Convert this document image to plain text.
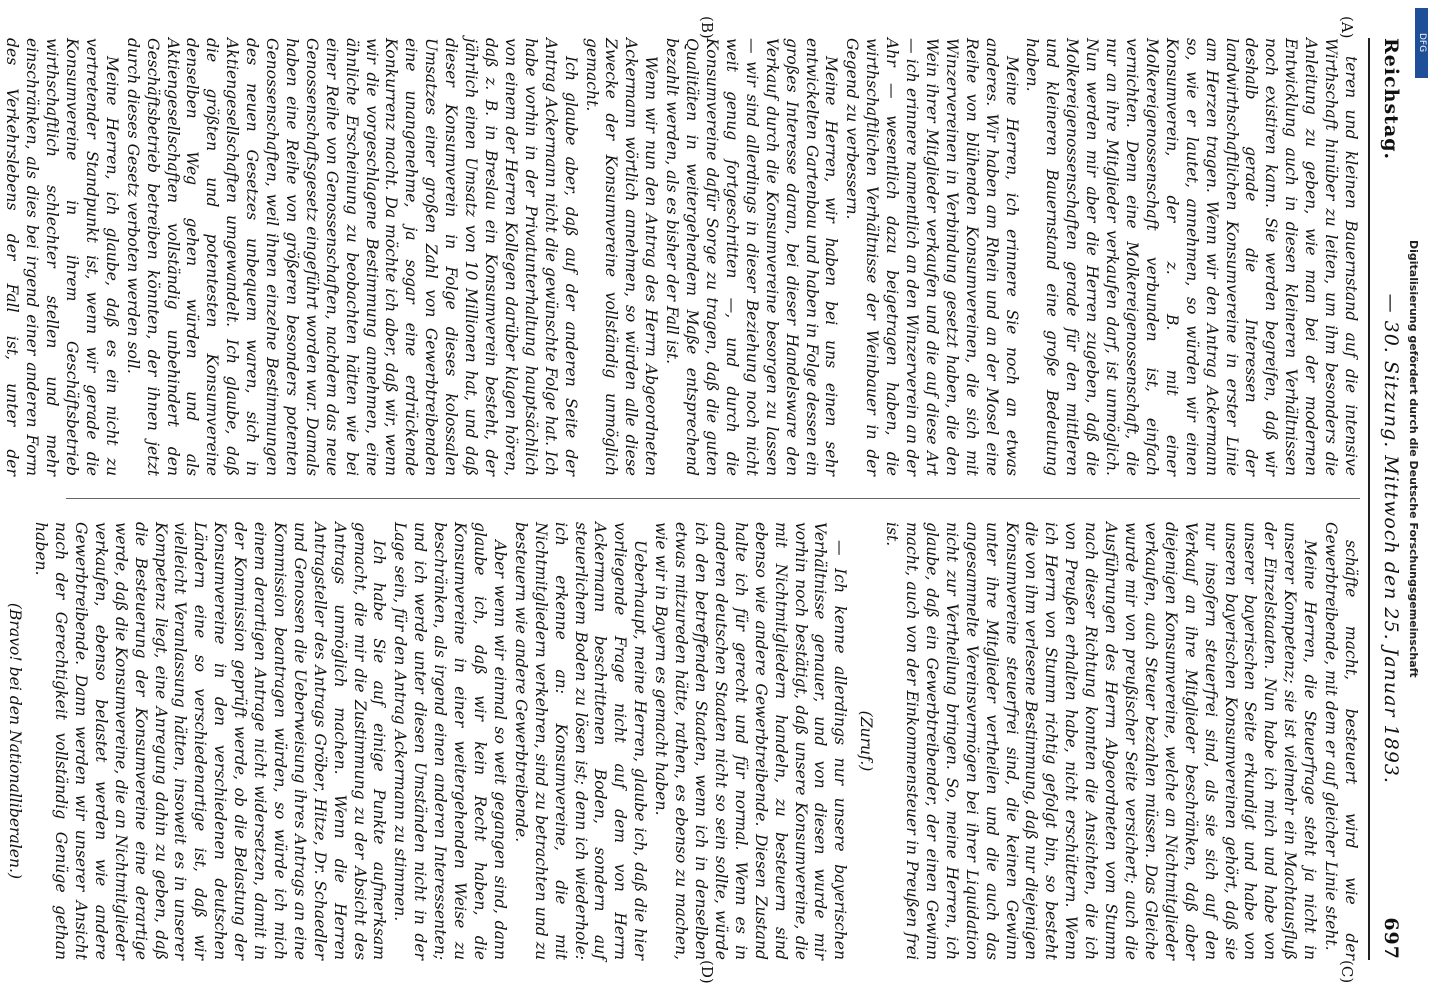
Reichstag.
— 30. Sitzung. Mittwoch den 25. Januar 1893.
697
(A)
(B)
(C)
(D)

teren und kleinen Bauernstand auf die intensive Wirthschaft hinüber zu leiten, um ihm besonders die Anleitung zu geben, wie man bei der modernen Entwicklung auch in diesen kleineren Verhältnissen noch existiren kann. Sie werden begreifen, daß wir deshalb gerade die Interessen der landwirthschaftlichen Konsumvereine in erster Linie am Herzen tragen. Wenn wir den Antrag Ackermann so, wie er lautet, annehmen, so würden wir einen Konsumverein, der z. B. mit einer Molkereigenossenschaft verbunden ist, einfach vernichten. Denn eine Molkereigenossenschaft, die nur an ihre Mitglieder verkaufen darf, ist unmöglich. Nun werden mir aber die Herren zugeben, daß die Molkereigenossenschaften gerade für den mittleren und kleineren Bauernstand eine große Bedeutung haben.

Meine Herren, ich erinnere Sie noch an etwas anderes. Wir haben am Rhein und an der Mosel eine Reihe von blühenden Konsumvereinen, die sich mit Winzervereinen in Verbindung gesetzt haben, die den Wein ihrer Mitglieder verkaufen und die auf diese Art — ich erinnere namentlich an den Winzerverein an der Ahr — wesentlich dazu beigetragen haben, die wirthschaftlichen Verhältnisse der Weinbauer in der Gegend zu verbessern.

Meine Herren, wir haben bei uns einen sehr entwickelten Gartenbau und haben in Folge dessen ein großes Interesse daran, bei dieser Handelsware den Verkauf durch die Konsumvereine besorgen zu lassen — wir sind allerdings in dieser Beziehung noch nicht weit genug fortgeschritten —, und durch die Konsumvereine dafür Sorge zu tragen, daß die guten Qualitäten in weitergehendem Maße entsprechend bezahlt werden, als es bisher der Fall ist.

Wenn wir nun den Antrag des Herrn Abgeordneten Ackermann wörtlich annehmen, so würden alle diese Zwecke der Konsumvereine vollständig unmöglich gemacht.

Ich glaube aber, daß auf der anderen Seite der Antrag Ackermann nicht die gewünschte Folge hat. Ich habe vorhin in der Privatunterhaltung hauptsächlich von einem der Herren Kollegen darüber klagen hören, daß z. B. in Breslau ein Konsumverein besteht, der jährlich einen Umsatz von 10 Millionen hat, und daß dieser Konsumverein in Folge dieses kolossalen Umsatzes einer großen Zahl von Gewerbtreibenden eine unangenehme, ja sogar eine erdrückende Konkurrenz macht. Da möchte ich aber, daß wir, wenn wir die vorgeschlagene Bestimmung annehmen, eine ähnliche Erscheinung zu beobachten hätten wie bei einer Reihe von Genossenschaften, nachdem das neue Genossenschaftsgesetz eingeführt worden war. Damals haben eine Reihe von größeren besonders potenten Genossenschaften, weil ihnen einzelne Bestimmungen des neuen Gesetzes unbequem waren, sich in Aktiengesellschaften umgewandelt. Ich glaube, daß die größten und potentesten Konsumvereine denselben Weg gehen würden und als Aktiengesellschaften vollständig unbehindert den Geschäftsbetrieb betreiben könnten, der ihnen jetzt durch dieses Gesetz verboten werden soll.

Meine Herren, ich glaube, daß es ein nicht zu vertretender Standpunkt ist, wenn wir gerade die Konsumvereine in ihrem Geschäftsbetrieb wirthschaftlich schlechter stellen und mehr einschränken, als dies bei irgend einer anderen Form des Verkehrslebens der Fall ist, unter der

schäfte macht, besteuert wird wie der Gewerbtreibende, mit dem er auf gleicher Linie steht.

Meine Herren, die Steuerfrage steht ja nicht in unserer Kompetenz; sie ist vielmehr ein Machtausfluß der Einzelstaaten. Nun habe ich mich und habe von unserer bayerischen Seite erkundigt und habe von unseren bayerischen Konsumvereinen gehört, daß sie nur insofern steuerfrei sind, als sie sich auf den Verkauf an ihre Mitglieder beschränken, daß aber diejenigen Konsumvereine, welche an Nichtmitglieder verkaufen, auch Steuer bezahlen müssen. Das Gleiche wurde mir von preußischer Seite versichert; auch die Ausführungen des Herrn Abgeordneten vom Stumm nach dieser Richtung konnten die Ansichten, die ich von Preußen erhalten habe, nicht erschüttern. Wenn ich Herrn von Stumm richtig gefolgt bin, so besteht die von ihm verlesene Bestimmung, daß nur diejenigen Konsumvereine steuerfrei sind, die keinen Gewinn unter ihre Mitglieder vertheilen und die auch das angesammelte Vereinsvermögen bei ihrer Liquidation nicht zur Vertheilung bringen. So, meine Herren, ich glaube, daß ein Gewerbtreibender, der einen Gewinn macht, auch von der Einkommensteuer in Preußen frei ist.

(Zuruf.)

— Ich kenne allerdings nur unsere bayerischen Verhältnisse genauer, und von diesen wurde mir vorhin noch bestätigt, daß unsere Konsumvereine, die mit Nichtmitgliedern handeln, zu besteuern sind ebenso wie andere Gewerbtreibende. Diesen Zustand halte ich für gerecht und für normal. Wenn es in anderen deutschen Staaten nicht so sein sollte, würde ich den betreffenden Staaten, wenn ich in denselben etwas mitzureden hätte, rathen, es ebenso zu machen, wie wir in Bayern es gemacht haben.

Ueberhaupt, meine Herren, glaube ich, daß die hier vorliegende Frage nicht auf dem von Herrn Ackermann beschrittenen Boden, sondern auf steuerlichem Boden zu lösen ist; denn ich wiederhole: ich erkenne an: Konsumvereine, die mit Nichtmitgliedern verkehren, sind zu betrachten und zu besteuern wie andere Gewerbtreibende.

Aber wenn wir einmal so weit gegangen sind, dann glaube ich, daß wir kein Recht haben, die Konsumvereine in einer weitergehenden Weise zu beschränken, als irgend einen anderen Interessenten; und ich werde unter diesen Umständen nicht in der Lage sein, für den Antrag Ackermann zu stimmen.

Ich habe Sie auf einige Punkte aufmerksam gemacht, die mir die Zustimmung zu der Absicht des Antrags unmöglich machen. Wenn die Herren Antragsteller des Antrags Gröber, Hitze, Dr. Schaedler und Genossen die Ueberweisung ihres Antrags an eine Kommission beantragen würden, so würde ich mich einem derartigen Antrage nicht widersetzen, damit in der Kommission geprüft werde, ob die Belastung der Konsumvereine in den verschiedenen deutschen Ländern eine so verschiedenartige ist, daß wir vielleicht Veranlassung hätten, insoweit es in unserer Kompetenz liegt, eine Anregung dahin zu geben, daß die Besteuerung der Konsumvereine eine derartige werde, daß die Konsumvereine, die an Nichtmitglieder verkaufen, ebenso belastet werden wie andere Gewerbtreibende. Dann werden wir unserer Ansicht nach der Gerechtigkeit vollständig Genüge gethan haben.

(Bravo! bei den Nationalliberalen.)

DFG
Digitalisierung gefördert durch die Deutsche Forschungsgemeinschaft
